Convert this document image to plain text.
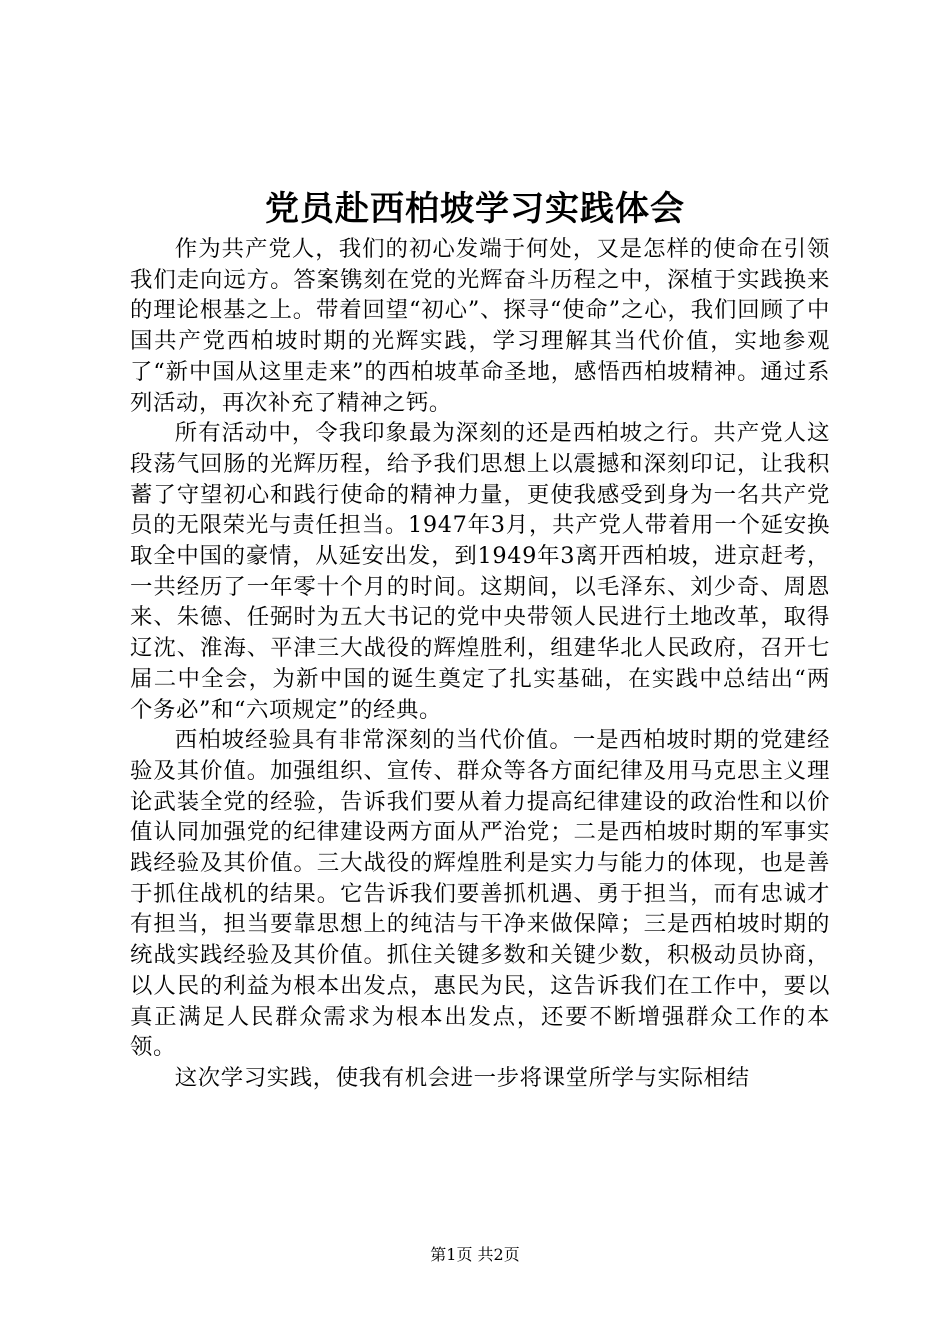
党员赴西柏坡学习实践体会

作为共产党人，我们的初心发端于何处，又是怎样的使命在引领我们走向远方。答案镌刻在党的光辉奋斗历程之中，深植于实践换来的理论根基之上。带着回望“初心”、探寻“使命”之心，我们回顾了中国共产党西柏坡时期的光辉实践，学习理解其当代价值，实地参观了“新中国从这里走来”的西柏坡革命圣地，感悟西柏坡精神。通过系列活动，再次补充了精神之钙。

所有活动中，令我印象最为深刻的还是西柏坡之行。共产党人这段荡气回肠的光辉历程，给予我们思想上以震撼和深刻印记，让我积蓄了守望初心和践行使命的精神力量，更使我感受到身为一名共产党员的无限荣光与责任担当。1947年3月，共产党人带着用一个延安换取全中国的豪情，从延安出发，到1949年3离开西柏坡，进京赶考，一共经历了一年零十个月的时间。这期间，以毛泽东、刘少奇、周恩来、朱德、任弼时为五大书记的党中央带领人民进行土地改革，取得辽沈、淮海、平津三大战役的辉煌胜利，组建华北人民政府，召开七届二中全会，为新中国的诞生奠定了扎实基础，在实践中总结出“两个务必”和“六项规定”的经典。

西柏坡经验具有非常深刻的当代价值。一是西柏坡时期的党建经验及其价值。加强组织、宣传、群众等各方面纪律及用马克思主义理论武装全党的经验，告诉我们要从着力提高纪律建设的政治性和以价值认同加强党的纪律建设两方面从严治党；二是西柏坡时期的军事实践经验及其价值。三大战役的辉煌胜利是实力与能力的体现，也是善于抓住战机的结果。它告诉我们要善抓机遇、勇于担当，而有忠诚才有担当，担当要靠思想上的纯洁与干净来做保障；三是西柏坡时期的统战实践经验及其价值。抓住关键多数和关键少数，积极动员协商，以人民的利益为根本出发点，惠民为民，这告诉我们在工作中，要以真正满足人民群众需求为根本出发点，还要不断增强群众工作的本领。

这次学习实践，使我有机会进一步将课堂所学与实际相结

第1页 共2页
